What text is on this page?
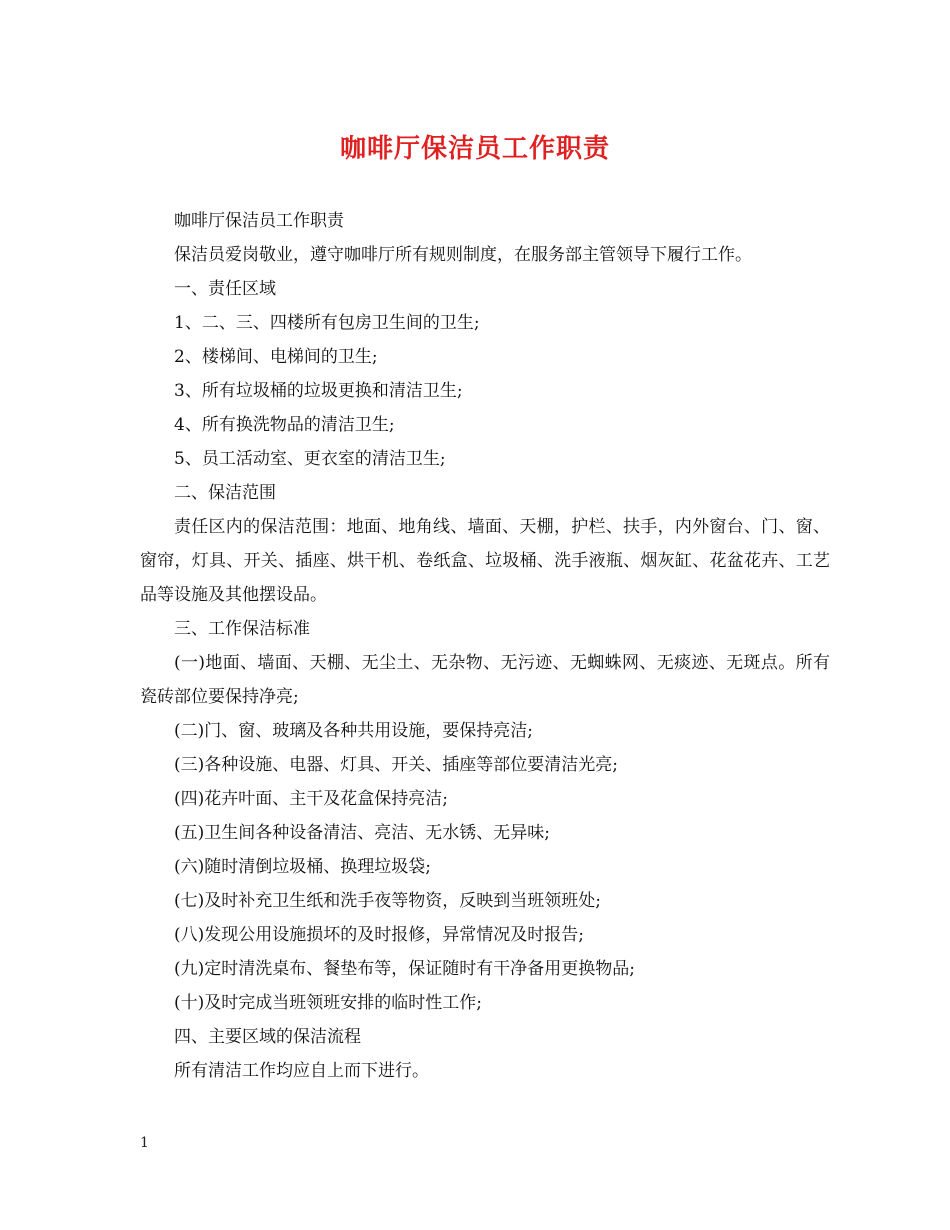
咖啡厅保洁员工作职责

咖啡厅保洁员工作职责

保洁员爱岗敬业，遵守咖啡厅所有规则制度，在服务部主管领导下履行工作。

一、责任区域

1、二、三、四楼所有包房卫生间的卫生;

2、楼梯间、电梯间的卫生;

3、所有垃圾桶的垃圾更换和清洁卫生;

4、所有换洗物品的清洁卫生;

5、员工活动室、更衣室的清洁卫生;

二、保洁范围

责任区内的保洁范围：地面、地角线、墙面、天棚，护栏、扶手，内外窗台、门、窗、窗帘，灯具、开关、插座、烘干机、卷纸盒、垃圾桶、洗手液瓶、烟灰缸、花盆花卉、工艺品等设施及其他摆设品。

三、工作保洁标准

(一)地面、墙面、天棚、无尘土、无杂物、无污迹、无蜘蛛网、无痰迹、无斑点。所有瓷砖部位要保持净亮;

(二)门、窗、玻璃及各种共用设施，要保持亮洁;

(三)各种设施、电器、灯具、开关、插座等部位要清洁光亮;

(四)花卉叶面、主干及花盒保持亮洁;

(五)卫生间各种设备清洁、亮洁、无水锈、无异味;

(六)随时清倒垃圾桶、换理垃圾袋;

(七)及时补充卫生纸和洗手夜等物资，反映到当班领班处;

(八)发现公用设施损坏的及时报修，异常情况及时报告;

(九)定时清洗桌布、餐垫布等，保证随时有干净备用更换物品;

(十)及时完成当班领班安排的临时性工作;

四、主要区域的保洁流程

所有清洁工作均应自上而下进行。

1
